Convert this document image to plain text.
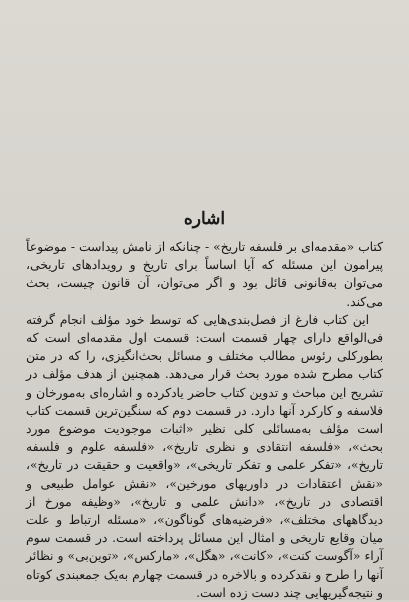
اشاره

کتاب «مقدمه‌ای بر فلسفه تاریخ» - چنانکه از نامش پیداست - موضوعاً پیرامون این مسئله که آیا اساساً برای تاریخ و رویدادهای تاریخی، می‌توان به‌قانونی قائل بود و اگر می‌توان، آن قانون چیست، بحث می‌کند.

این کتاب فارغ از فصل‌بندی‌هایی که توسط خود مؤلف انجام گرفته فی‌الواقع دارای چهار قسمت است: قسمت اول مقدمه‌ای است که بطورکلی رئوس مطالب مختلف و مسائل بحث‌انگیزی، را که در متن کتاب مطرح شده مورد بحث قرار می‌دهد. همچنین از هدف مؤلف در تشریح این مباحث و تدوین کتاب حاضر یادکرده و اشاره‌ای به‌مورخان و فلاسفه و کارکرد آنها دارد. در قسمت دوم که سنگین‌ترین قسمت کتاب است مؤلف به‌مسائلی کلی نظیر «اثبات موجودیت موضوع مورد بحث»، «فلسفه انتقادی و نظری تاریخ»، «فلسفه علوم و فلسفه تاریخ»، «تفکر علمی و تفکر تاریخی»، «واقعیت و حقیقت در تاریخ»، «نقش اعتقادات در داوریهای مورخین»، «نقش عوامل طبیعی و اقتصادی در تاریخ»، «دانش علمی و تاریخ»، «وظیفه مورخ از دیدگاههای مختلف»، «فرضیه‌های گوناگون»، «مسئله ارتباط و علت میان وقایع تاریخی و امثال این مسائل پرداخته است. در قسمت سوم آراء «آگوست کنت»، «کانت»، «هگل»، «مارکس»، «توین‌بی» و نظائر آنها را طرح و نقدکرده و بالاخره در قسمت چهارم به‌یک جمعبندی کوتاه و نتیجه‌گیریهایی چند دست زده است.
